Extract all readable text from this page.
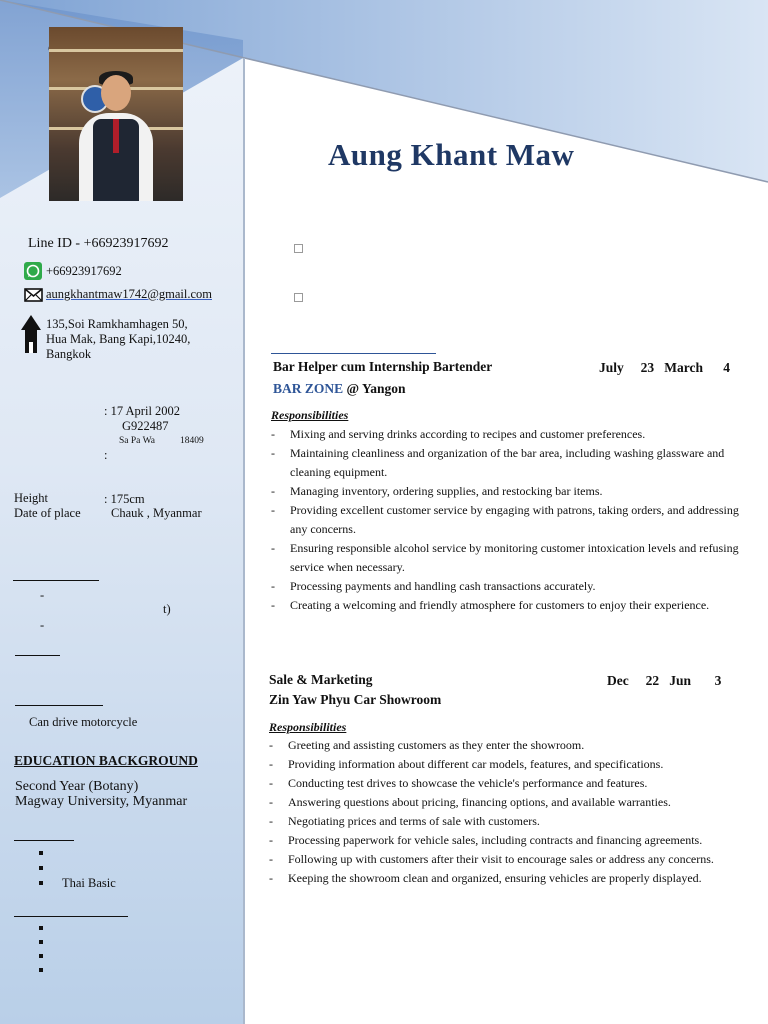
Aung Khant Maw
Line ID - +66923917692
+66923917692
aungkhantmaw1742@gmail.com
135,Soi Ramkhamhagen 50,
Hua Mak, Bang Kapi,10240,
Bangkok
: 17 April 2002
G922487
Sa Pa Wa	18409
:
Height	: 175cm
Date of place Chauk , Myanmar
-
t)
-
Can drive motorcycle
EDUCATION BACKGROUND
Second Year (Botany)
Magway University, Myanmar
Thai Basic
Bar Helper cum Internship Bartender	July     23   March      4
BAR ZONE @ Yangon
Responsibilities
- Mixing and serving drinks according to recipes and customer preferences.
- Maintaining cleanliness and organization of the bar area, including washing glassware and cleaning equipment.
- Managing inventory, ordering supplies, and restocking bar items.
- Providing excellent customer service by engaging with patrons, taking orders, and addressing any concerns.
- Ensuring responsible alcohol service by monitoring customer intoxication levels and refusing service when necessary.
- Processing payments and handling cash transactions accurately.
- Creating a welcoming and friendly atmosphere for customers to enjoy their experience.
Sale & Marketing	Dec     22   Jun       3
Zin Yaw Phyu Car Showroom
Responsibilities
- Greeting and assisting customers as they enter the showroom.
- Providing information about different car models, features, and specifications.
- Conducting test drives to showcase the vehicle's performance and features.
- Answering questions about pricing, financing options, and available warranties.
- Negotiating prices and terms of sale with customers.
- Processing paperwork for vehicle sales, including contracts and financing agreements.
- Following up with customers after their visit to encourage sales or address any concerns.
- Keeping the showroom clean and organized, ensuring vehicles are properly displayed.
